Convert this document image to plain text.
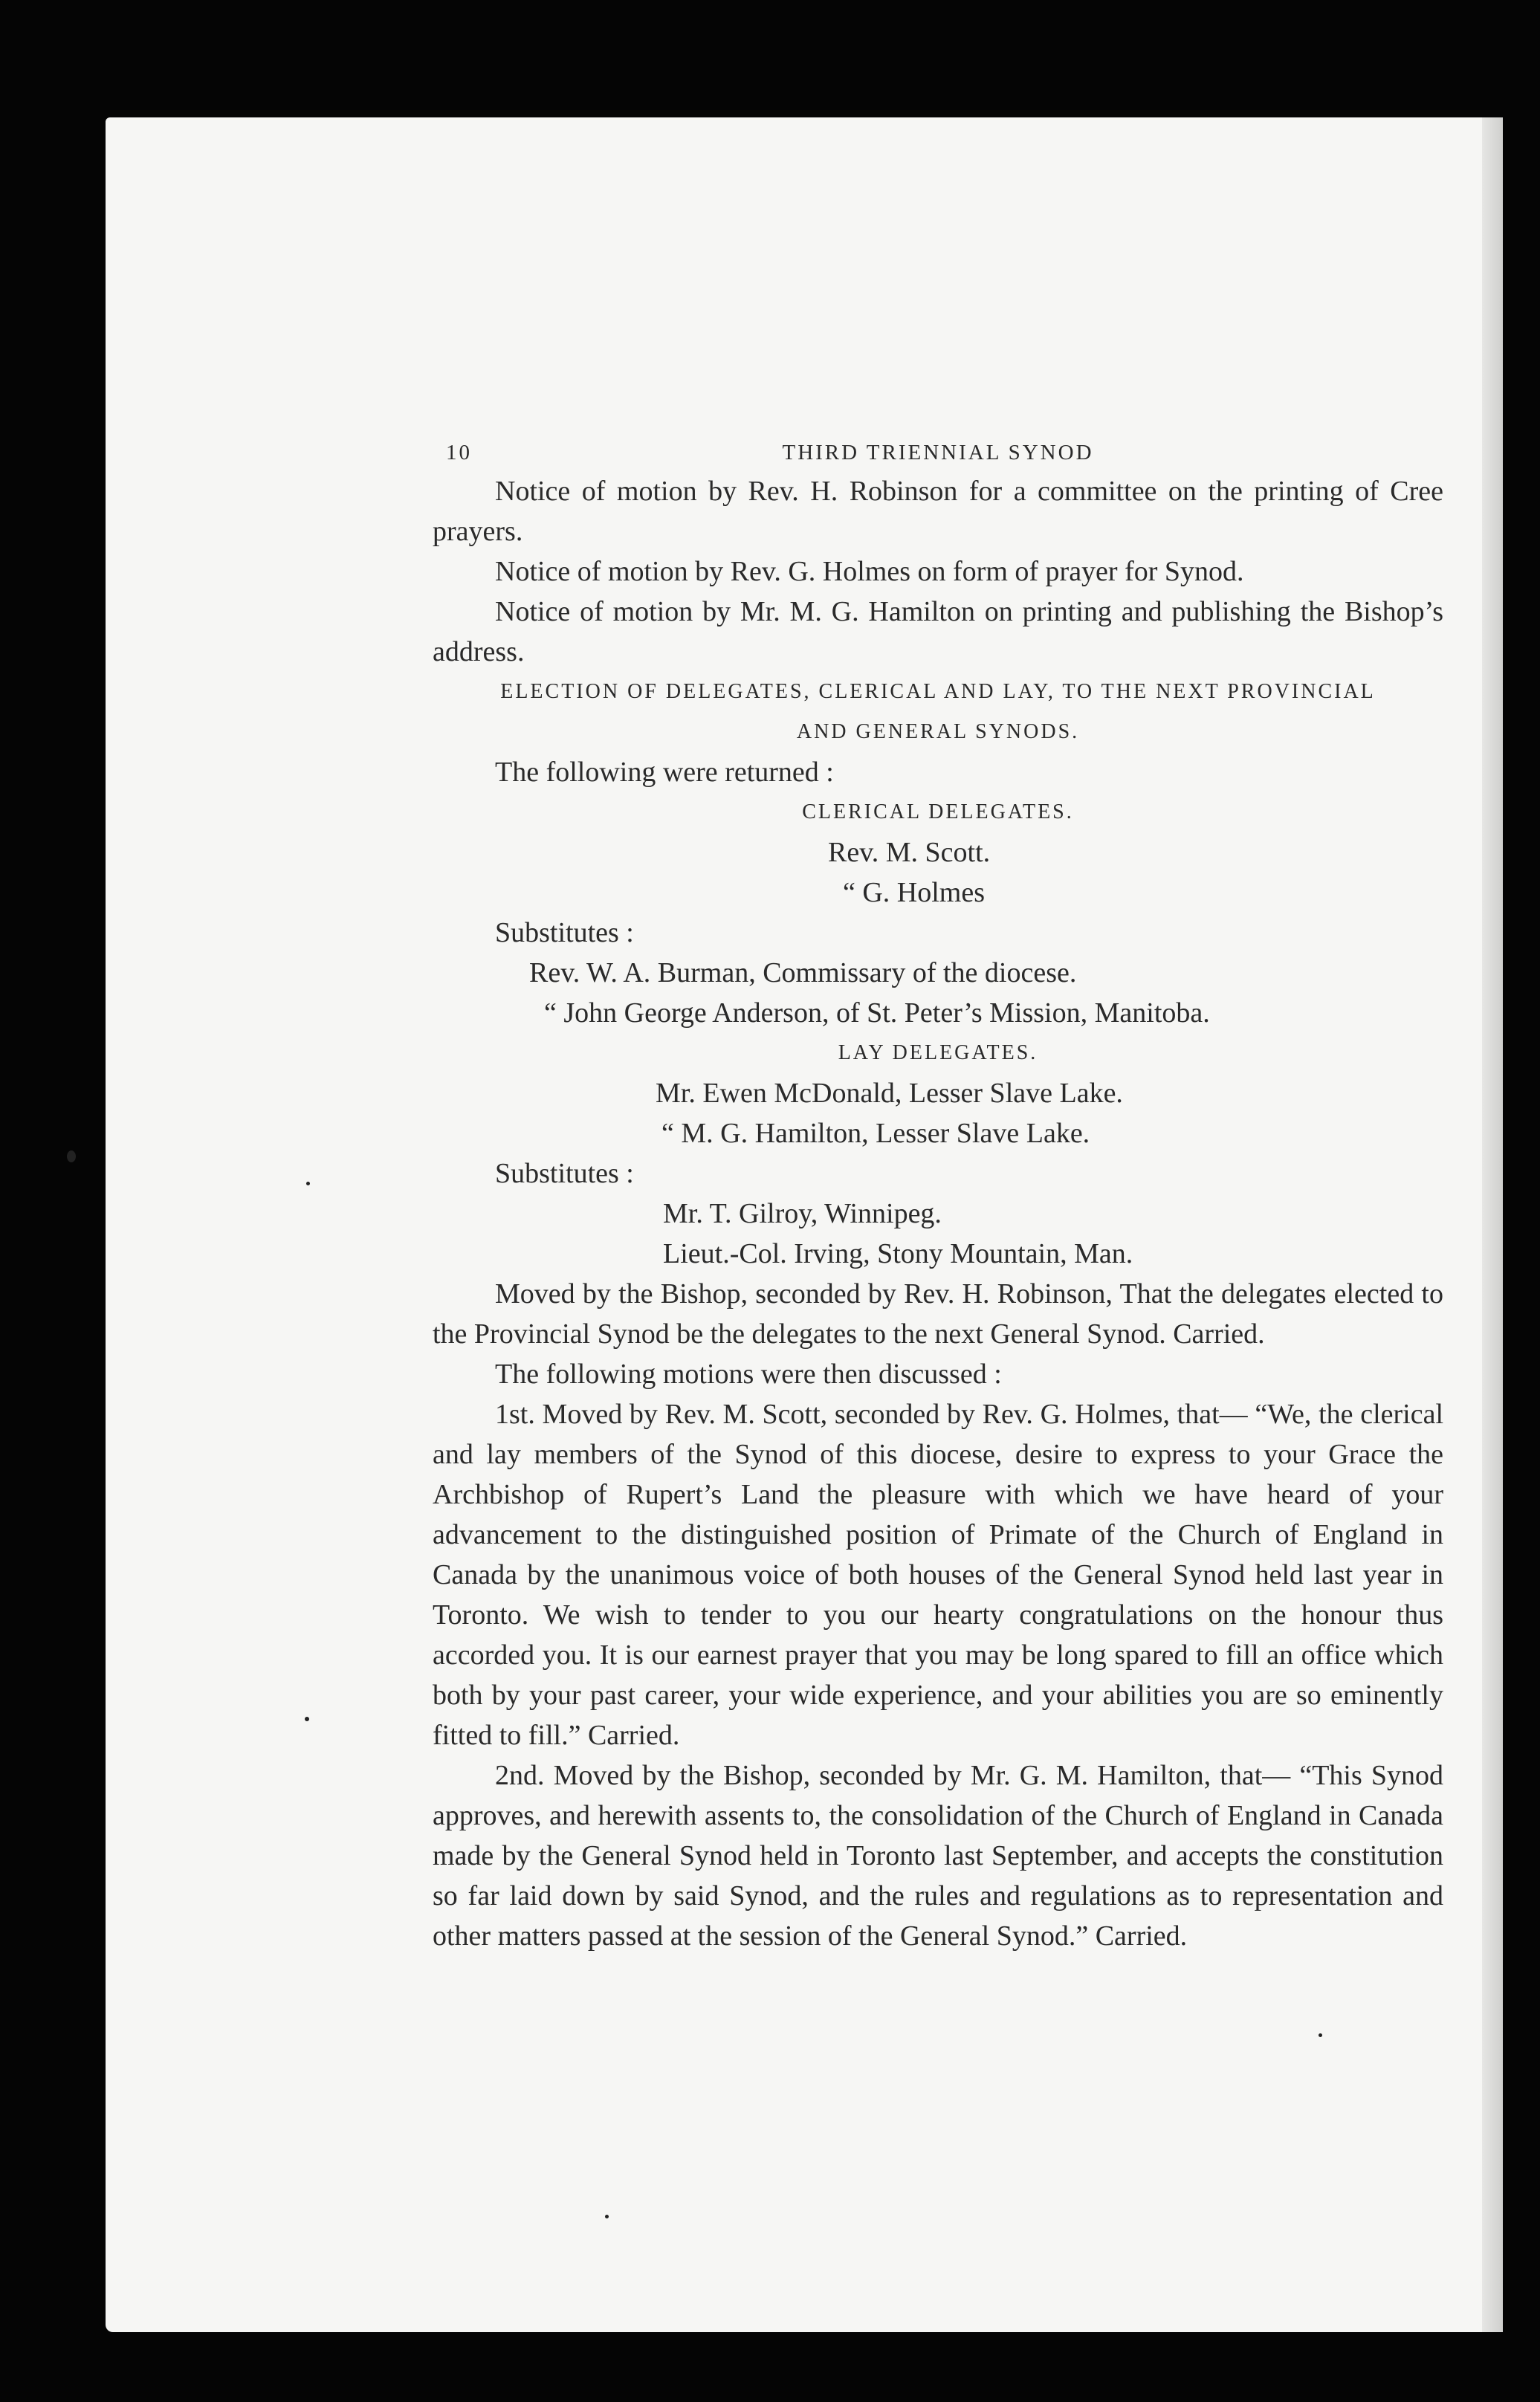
10	THIRD TRIENNIAL SYNOD

Notice of motion by Rev. H. Robinson for a committee on the printing of Cree prayers.

Notice of motion by Rev. G. Holmes on form of prayer for Synod.

Notice of motion by Mr. M. G. Hamilton on printing and publishing the Bishop’s address.

ELECTION OF DELEGATES, CLERICAL AND LAY, TO THE NEXT PROVINCIAL
AND GENERAL SYNODS.

The following were returned :

CLERICAL DELEGATES.
Rev. M. Scott.
“ G. Holmes
Substitutes :
Rev. W. A. Burman, Commissary of the diocese.
“ John George Anderson, of St. Peter’s Mission, Manitoba.
LAY DELEGATES.
Mr. Ewen McDonald, Lesser Slave Lake.
“ M. G. Hamilton, Lesser Slave Lake.
Substitutes :
Mr. T. Gilroy, Winnipeg.
Lieut.-Col. Irving, Stony Mountain, Man.

Moved by the Bishop, seconded by Rev. H. Robinson, That the delegates elected to the Provincial Synod be the delegates to the next General Synod. Carried.

The following motions were then discussed :

1st. Moved by Rev. M. Scott, seconded by Rev. G. Holmes, that— “We, the clerical and lay members of the Synod of this diocese, desire to express to your Grace the Archbishop of Rupert’s Land the pleasure with which we have heard of your advancement to the distinguished position of Primate of the Church of England in Canada by the unanimous voice of both houses of the General Synod held last year in Toronto. We wish to tender to you our hearty congratulations on the honour thus accorded you. It is our earnest prayer that you may be long spared to fill an office which both by your past career, your wide experience, and your abilities you are so eminently fitted to fill.” Carried.

2nd. Moved by the Bishop, seconded by Mr. G. M. Hamilton, that— “This Synod approves, and herewith assents to, the consolidation of the Church of England in Canada made by the General Synod held in Toronto last September, and accepts the constitution so far laid down by said Synod, and the rules and regulations as to representation and other matters passed at the session of the General Synod.” Carried.
